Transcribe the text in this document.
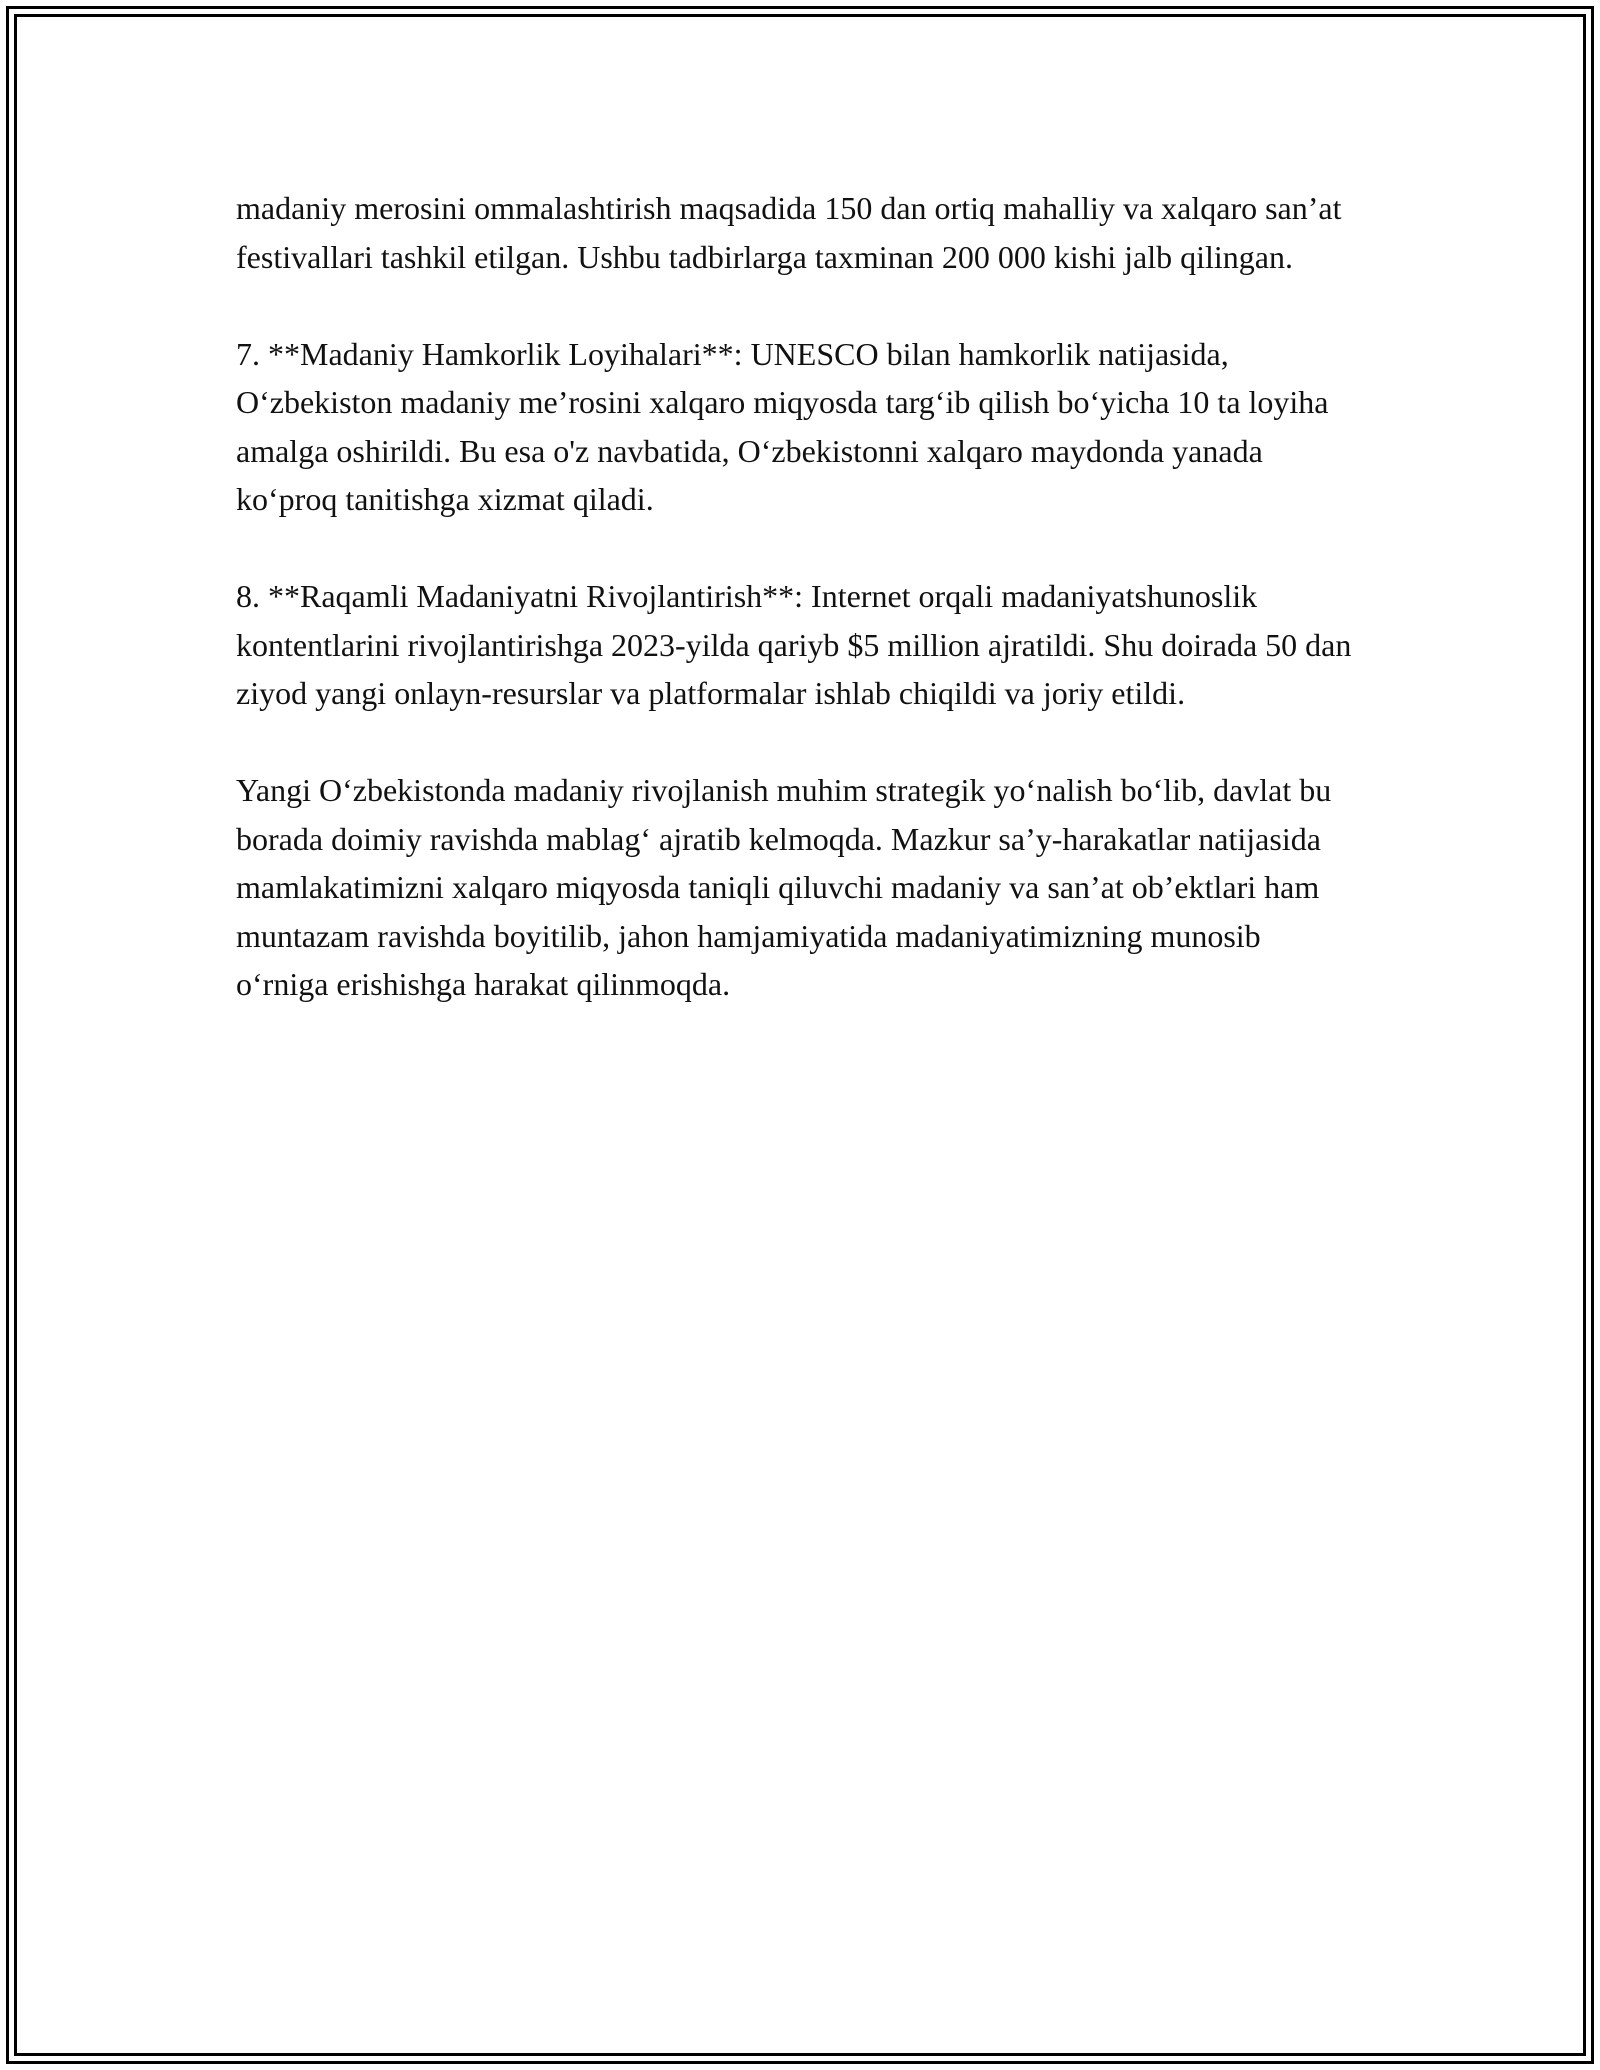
madaniy merosini ommalashtirish maqsadida 150 dan ortiq mahalliy va xalqaro san’at festivallari tashkil etilgan. Ushbu tadbirlarga taxminan 200 000 kishi jalb qilingan.

7. **Madaniy Hamkorlik Loyihalari**: UNESCO bilan hamkorlik natijasida, O‘zbekiston madaniy me’rosini xalqaro miqyosda targ‘ib qilish bo‘yicha 10 ta loyiha amalga oshirildi. Bu esa o'z navbatida, O‘zbekistonni xalqaro maydonda yanada ko‘proq tanitishga xizmat qiladi.

8. **Raqamli Madaniyatni Rivojlantirish**: Internet orqali madaniyatshunoslik kontentlarini rivojlantirishga 2023-yilda qariyb $5 million ajratildi. Shu doirada 50 dan ziyod yangi onlayn-resurslar va platformalar ishlab chiqildi va joriy etildi.

Yangi O‘zbekistonda madaniy rivojlanish muhim strategik yo‘nalish bo‘lib, davlat bu borada doimiy ravishda mablag‘ ajratib kelmoqda. Mazkur sa’y-harakatlar natijasida mamlakatimizni xalqaro miqyosda taniqli qiluvchi madaniy va san’at ob’ektlari ham muntazam ravishda boyitilib, jahon hamjamiyatida madaniyatimizning munosib o‘rniga erishishga harakat qilinmoqda.
